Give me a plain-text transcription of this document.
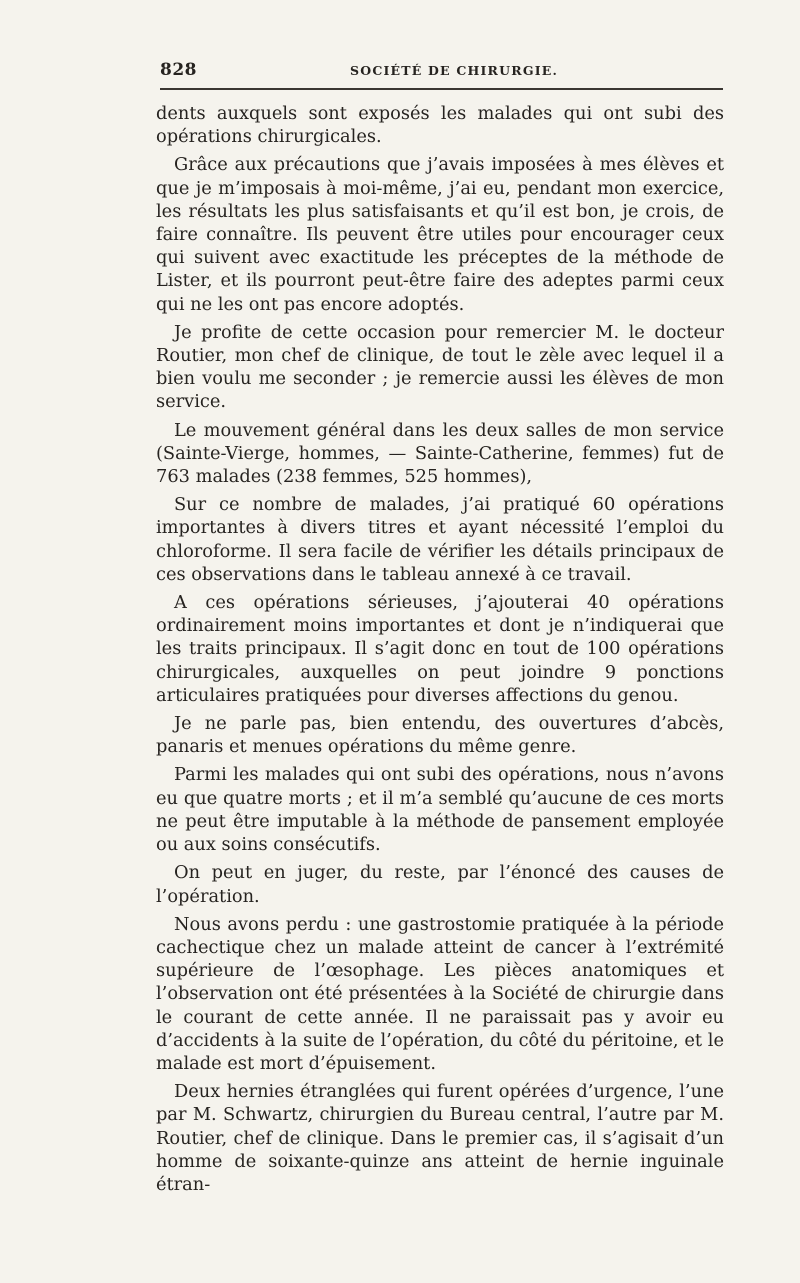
828	SOCIÉTÉ DE CHIRURGIE.

dents auxquels sont exposés les malades qui ont subi des opérations chirurgicales.

Grâce aux précautions que j’avais imposées à mes élèves et que je m’imposais à moi-même, j’ai eu, pendant mon exercice, les résultats les plus satisfaisants et qu’il est bon, je crois, de faire connaître. Ils peuvent être utiles pour encourager ceux qui suivent avec exactitude les préceptes de la méthode de Lister, et ils pourront peut-être faire des adeptes parmi ceux qui ne les ont pas encore adoptés.

Je profite de cette occasion pour remercier M. le docteur Routier, mon chef de clinique, de tout le zèle avec lequel il a bien voulu me seconder ; je remercie aussi les élèves de mon service.

Le mouvement général dans les deux salles de mon service (Sainte-Vierge, hommes, — Sainte-Catherine, femmes) fut de 763 malades (238 femmes, 525 hommes),

Sur ce nombre de malades, j’ai pratiqué 60 opérations importantes à divers titres et ayant nécessité l’emploi du chloroforme. Il sera facile de vérifier les détails principaux de ces observations dans le tableau annexé à ce travail.

A ces opérations sérieuses, j’ajouterai 40 opérations ordinairement moins importantes et dont je n’indiquerai que les traits principaux. Il s’agit donc en tout de 100 opérations chirurgicales, auxquelles on peut joindre 9 ponctions articulaires pratiquées pour diverses affections du genou.

Je ne parle pas, bien entendu, des ouvertures d’abcès, panaris et menues opérations du même genre.

Parmi les malades qui ont subi des opérations, nous n’avons eu que quatre morts ; et il m’a semblé qu’aucune de ces morts ne peut être imputable à la méthode de pansement employée ou aux soins consécutifs.

On peut en juger, du reste, par l’énoncé des causes de l’opération.

Nous avons perdu : une gastrostomie pratiquée à la période cachectique chez un malade atteint de cancer à l’extrémité supérieure de l’œsophage. Les pièces anatomiques et l’observation ont été présentées à la Société de chirurgie dans le courant de cette année. Il ne paraissait pas y avoir eu d’accidents à la suite de l’opération, du côté du péritoine, et le malade est mort d’épuisement.

Deux hernies étranglées qui furent opérées d’urgence, l’une par M. Schwartz, chirurgien du Bureau central, l’autre par M. Routier, chef de clinique. Dans le premier cas, il s’agisait d’un homme de soixante-quinze ans atteint de hernie inguinale étran-
